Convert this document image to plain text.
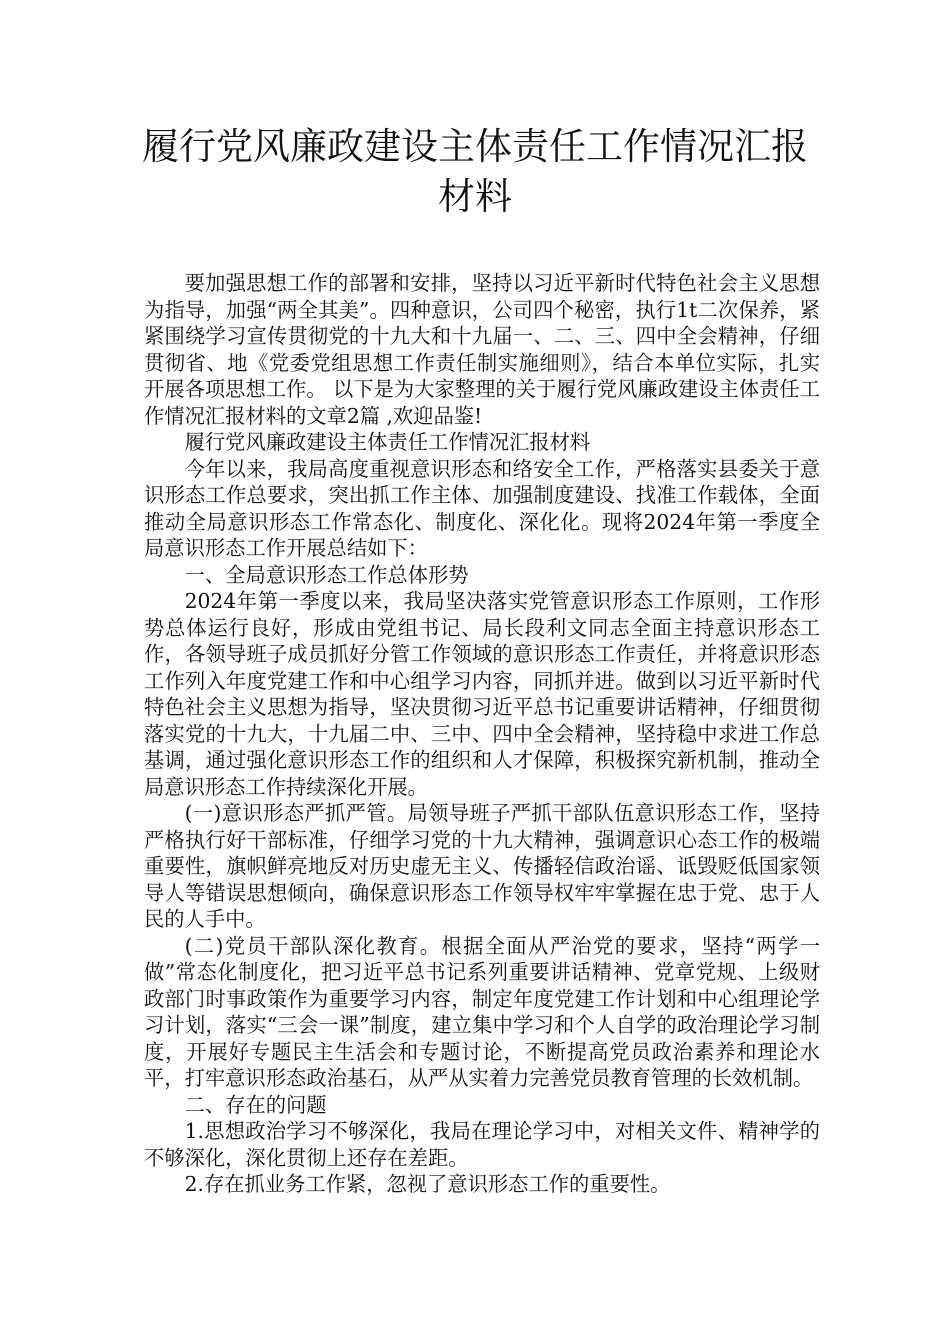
履行党风廉政建设主体责任工作情况汇报材料

要加强思想工作的部署和安排，坚持以习近平新时代特色社会主义思想为指导，加强“两全其美”。四种意识，公司四个秘密，执行1t二次保养，紧紧围绕学习宣传贯彻党的十九大和十九届一、二、三、四中全会精神，仔细贯彻省、地《党委党组思想工作责任制实施细则》，结合本单位实际，扎实开展各项思想工作。 以下是为大家整理的关于履行党风廉政建设主体责任工作情况汇报材料的文章2篇 ,欢迎品鉴!

履行党风廉政建设主体责任工作情况汇报材料

今年以来，我局高度重视意识形态和络安全工作，严格落实县委关于意识形态工作总要求，突出抓工作主体、加强制度建设、找准工作载体，全面推动全局意识形态工作常态化、制度化、深化化。现将2024年第一季度全局意识形态工作开展总结如下：

一、全局意识形态工作总体形势

2024年第一季度以来，我局坚决落实党管意识形态工作原则，工作形势总体运行良好，形成由党组书记、局长段利文同志全面主持意识形态工作，各领导班子成员抓好分管工作领域的意识形态工作责任，并将意识形态工作列入年度党建工作和中心组学习内容，同抓并进。做到以习近平新时代特色社会主义思想为指导，坚决贯彻习近平总书记重要讲话精神，仔细贯彻落实党的十九大，十九届二中、三中、四中全会精神，坚持稳中求进工作总基调，通过强化意识形态工作的组织和人才保障，积极探究新机制，推动全局意识形态工作持续深化开展。

(一)意识形态严抓严管。局领导班子严抓干部队伍意识形态工作，坚持严格执行好干部标准，仔细学习党的十九大精神，强调意识心态工作的极端重要性，旗帜鲜亮地反对历史虚无主义、传播轻信政治谣、诋毁贬低国家领导人等错误思想倾向，确保意识形态工作领导权牢牢掌握在忠于党、忠于人民的人手中。

(二)党员干部队深化教育。根据全面从严治党的要求，坚持“两学一做”常态化制度化，把习近平总书记系列重要讲话精神、党章党规、上级财政部门时事政策作为重要学习内容，制定年度党建工作计划和中心组理论学习计划，落实“三会一课”制度，建立集中学习和个人自学的政治理论学习制度，开展好专题民主生活会和专题讨论，不断提高党员政治素养和理论水平，打牢意识形态政治基石，从严从实着力完善党员教育管理的长效机制。

二、存在的问题

1.思想政治学习不够深化，我局在理论学习中，对相关文件、精神学的不够深化，深化贯彻上还存在差距。

2.存在抓业务工作紧，忽视了意识形态工作的重要性。
